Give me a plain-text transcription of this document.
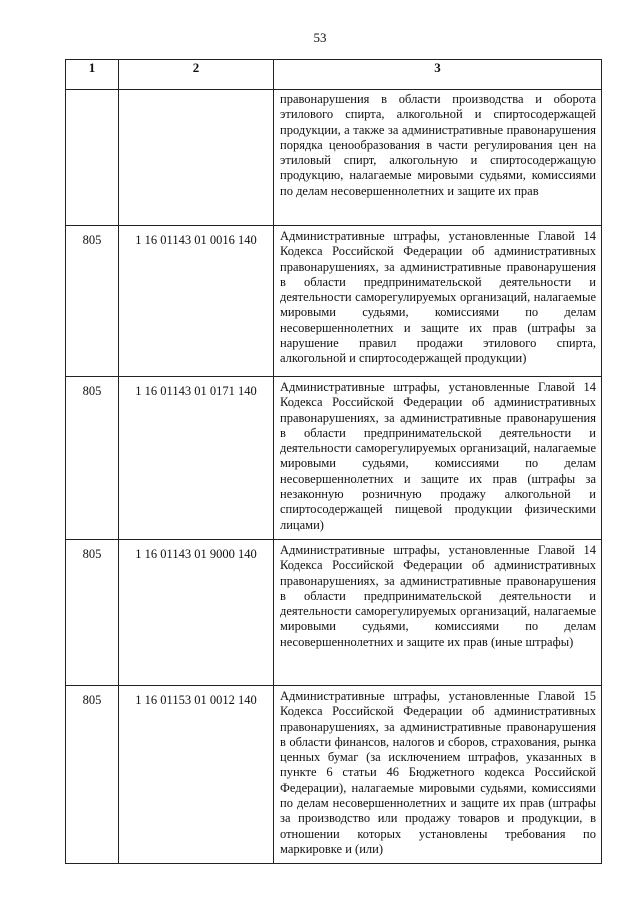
53
1	2	3
		правонарушения в области производства и оборота этилового спирта, алкогольной и спиртосодержащей продукции, а также за административные правонарушения порядка ценообразования в части регулирования цен на этиловый спирт, алкогольную и спиртосодержащую продукцию, налагаемые мировыми судьями, комиссиями по делам несовершеннолетних и защите их прав
805	1 16 01143 01 0016 140	Административные штрафы, установленные Главой 14 Кодекса Российской Федерации об административных правонарушениях, за административные правонарушения в области предпринимательской деятельности и деятельности саморегулируемых организаций, налагаемые мировыми судьями, комиссиями по делам несовершеннолетних и защите их прав (штрафы за нарушение правил продажи этилового спирта, алкогольной и спиртосодержащей продукции)
805	1 16 01143 01 0171 140	Административные штрафы, установленные Главой 14 Кодекса Российской Федерации об административных правонарушениях, за административные правонарушения в области предпринимательской деятельности и деятельности саморегулируемых организаций, налагаемые мировыми судьями, комиссиями по делам несовершеннолетних и защите их прав (штрафы за незаконную розничную продажу алкогольной и спиртосодержащей пищевой продукции физическими лицами)
805	1 16 01143 01 9000 140	Административные штрафы, установленные Главой 14 Кодекса Российской Федерации об административных правонарушениях, за административные правонарушения в области предпринимательской деятельности и деятельности саморегулируемых организаций, налагаемые мировыми судьями, комиссиями по делам несовершеннолетних и защите их прав (иные штрафы)
805	1 16 01153 01 0012 140	Административные штрафы, установленные Главой 15 Кодекса Российской Федерации об административных правонарушениях, за административные правонарушения в области финансов, налогов и сборов, страхования, рынка ценных бумаг (за исключением штрафов, указанных в пункте 6 статьи 46 Бюджетного кодекса Российской Федерации), налагаемые мировыми судьями, комиссиями по делам несовершеннолетних и защите их прав (штрафы за производство или продажу товаров и продукции, в отношении которых установлены требования по маркировке и (или)
